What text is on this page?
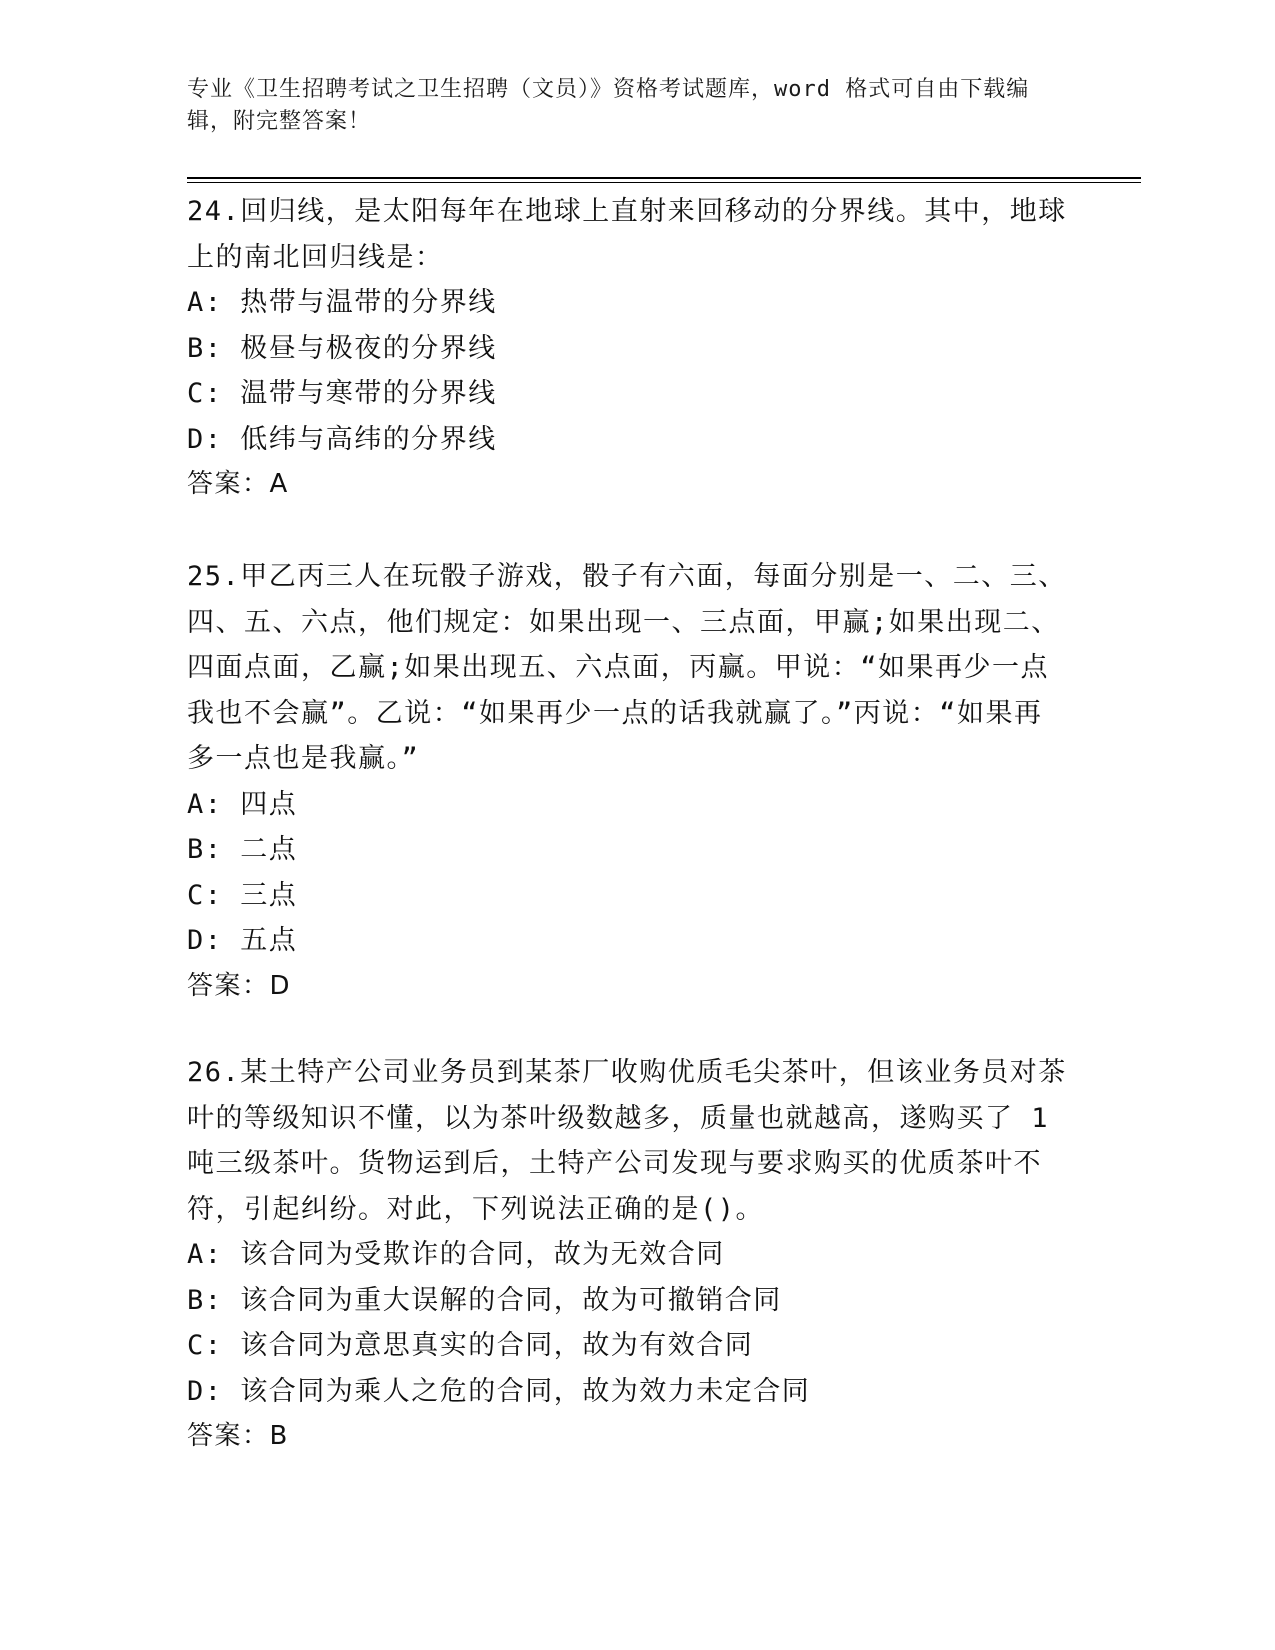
专业《卫生招聘考试之卫生招聘（文员）》资格考试题库，word 格式可自由下载编辑，附完整答案！

24.回归线，是太阳每年在地球上直射来回移动的分界线。其中，地球上的南北回归线是：

A: 热带与温带的分界线

B: 极昼与极夜的分界线

C: 温带与寒带的分界线

D: 低纬与高纬的分界线

答案：A

25.甲乙丙三人在玩骰子游戏，骰子有六面，每面分别是一、二、三、四、五、六点，他们规定：如果出现一、三点面，甲赢;如果出现二、四面点面，乙赢;如果出现五、六点面，丙赢。甲说：“如果再少一点我也不会赢”。乙说：“如果再少一点的话我就赢了。”丙说：“如果再多一点也是我赢。”

A: 四点

B: 二点

C: 三点

D: 五点

答案：D

26.某土特产公司业务员到某茶厂收购优质毛尖茶叶，但该业务员对茶叶的等级知识不懂，以为茶叶级数越多，质量也就越高，遂购买了 1 吨三级茶叶。货物运到后，土特产公司发现与要求购买的优质茶叶不符，引起纠纷。对此，下列说法正确的是()。

A: 该合同为受欺诈的合同，故为无效合同

B: 该合同为重大误解的合同，故为可撤销合同

C: 该合同为意思真实的合同，故为有效合同

D: 该合同为乘人之危的合同，故为效力未定合同

答案：B
